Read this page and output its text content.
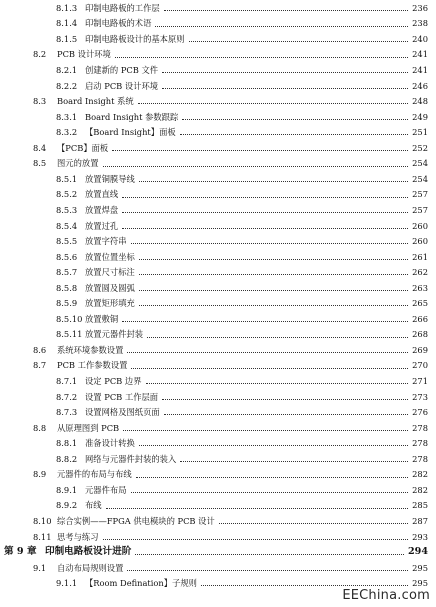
8.1.3 印制电路板的工作层	236
8.1.4 印制电路板的术语	238
8.1.5 印制电路板设计的基本原则	240
8.2 PCB 设计环境	241
8.2.1 创建新的 PCB 文件	241
8.2.2 启动 PCB 设计环境	246
8.3 Board Insight 系统	248
8.3.1 Board Insight 参数跟踪	249
8.3.2 【Board Insight】面板	251
8.4 【PCB】面板	252
8.5 图元的放置	254
8.5.1 放置铜膜导线	254
8.5.2 放置直线	257
8.5.3 放置焊盘	257
8.5.4 放置过孔	260
8.5.5 放置字符串	260
8.5.6 放置位置坐标	261
8.5.7 放置尺寸标注	262
8.5.8 放置圆及圆弧	263
8.5.9 放置矩形填充	265
8.5.10 放置敷铜	266
8.5.11 放置元器件封装	268
8.6 系统环境参数设置	269
8.7 PCB 工作参数设置	270
8.7.1 设定 PCB 边界	271
8.7.2 设置 PCB 工作层面	273
8.7.3 设置网格及图纸页面	276
8.8 从原理图到 PCB	278
8.8.1 准备设计转换	278
8.8.2 网络与元器件封装的装入	278
8.9 元器件的布局与布线	282
8.9.1 元器件布局	282
8.9.2 布线	285
8.10 综合实例——FPGA 供电模块的 PCB 设计	287
8.11 思考与练习	293
第 9 章 印制电路板设计进阶	294
9.1 自动布局规则设置	295
9.1.1 【Room Defination】子规则	295
EEChina.com
